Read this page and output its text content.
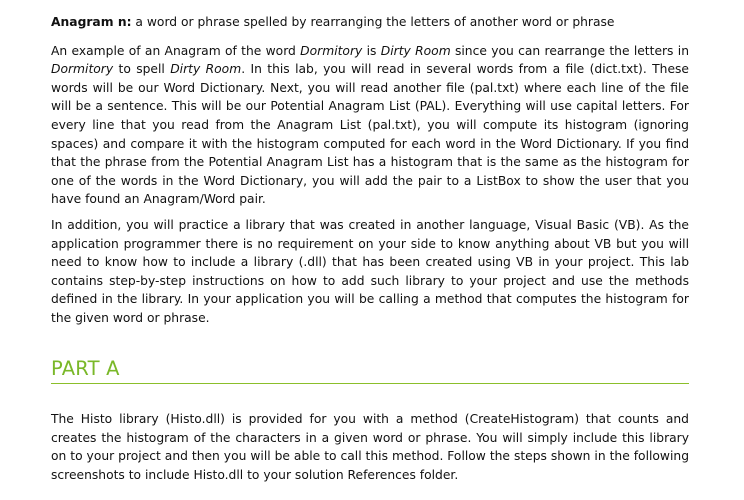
Anagram n: a word or phrase spelled by rearranging the letters of another word or phrase

An example of an Anagram of the word Dormitory is Dirty Room since you can rearrange the letters in Dormitory to spell Dirty Room. In this lab, you will read in several words from a file (dict.txt). These words will be our Word Dictionary. Next, you will read another file (pal.txt) where each line of the file will be a sentence. This will be our Potential Anagram List (PAL). Everything will use capital letters. For every line that you read from the Anagram List (pal.txt), you will compute its histogram (ignoring spaces) and compare it with the histogram computed for each word in the Word Dictionary. If you find that the phrase from the Potential Anagram List has a histogram that is the same as the histogram for one of the words in the Word Dictionary, you will add the pair to a ListBox to show the user that you have found an Anagram/Word pair.

In addition, you will practice a library that was created in another language, Visual Basic (VB). As the application programmer there is no requirement on your side to know anything about VB but you will need to know how to include a library (.dll) that has been created using VB in your project. This lab contains step-by-step instructions on how to add such library to your project and use the methods defined in the library. In your application you will be calling a method that computes the histogram for the given word or phrase.

PART A

The Histo library (Histo.dll) is provided for you with a method (CreateHistogram) that counts and creates the histogram of the characters in a given word or phrase. You will simply include this library on to your project and then you will be able to call this method. Follow the steps shown in the following screenshots to include Histo.dll to your solution References folder.
